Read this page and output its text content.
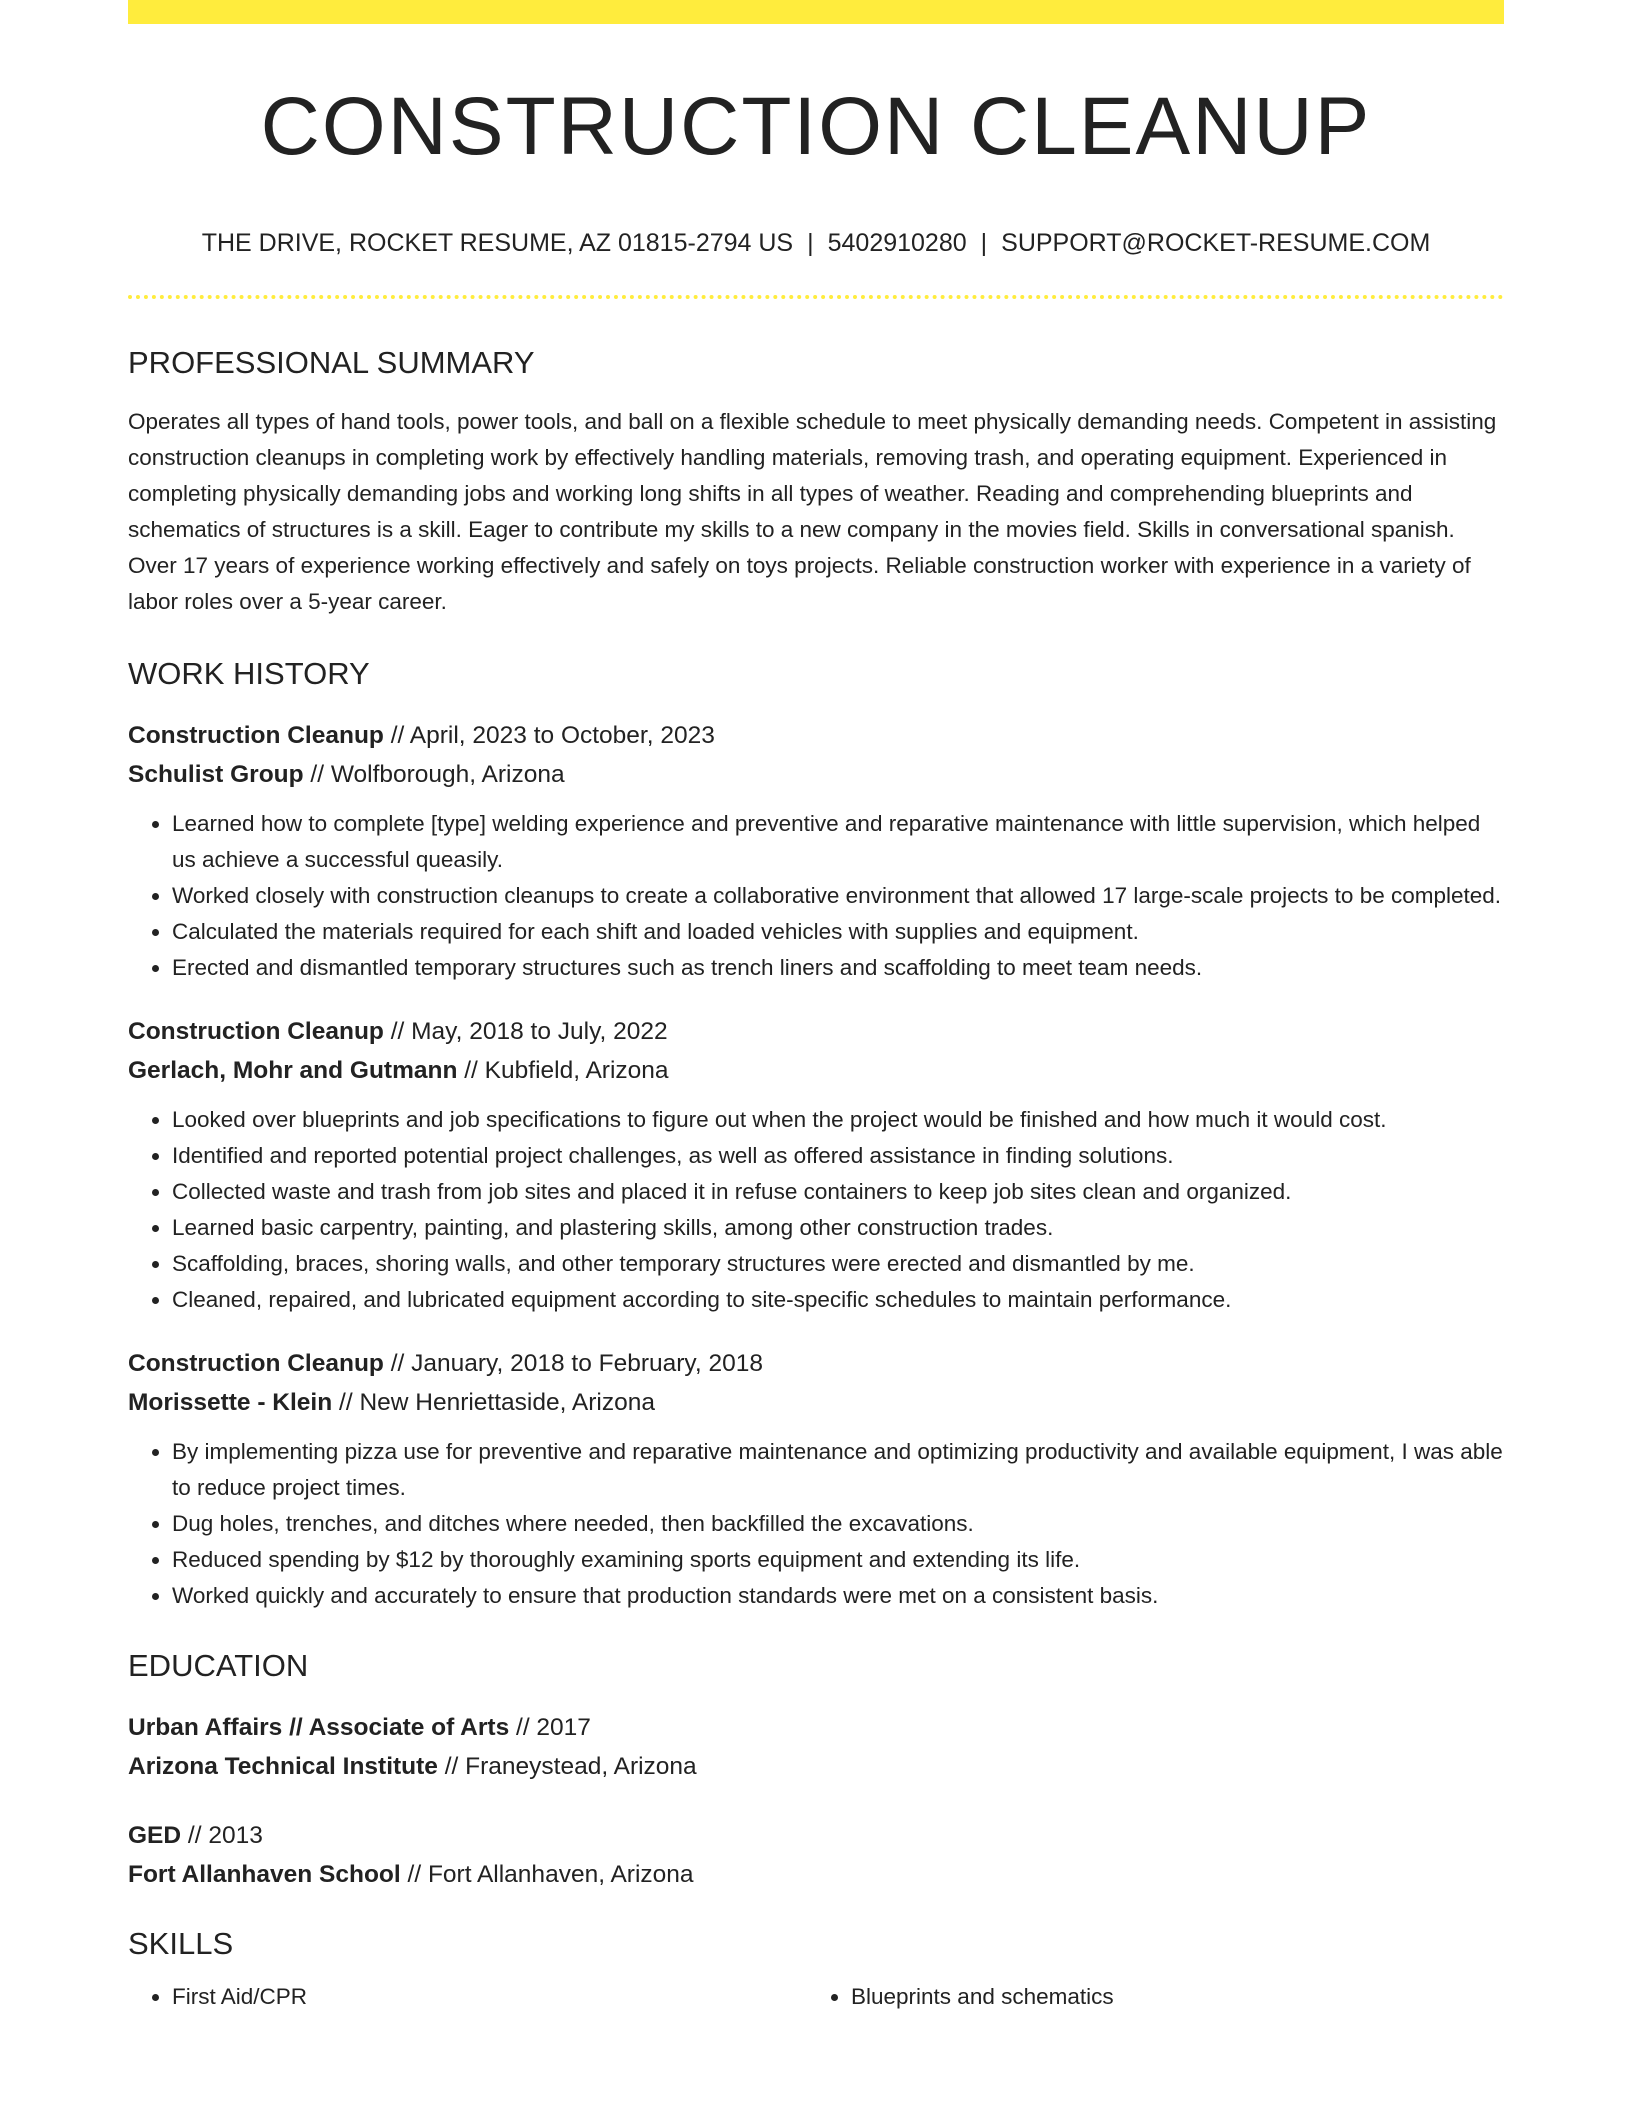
CONSTRUCTION CLEANUP
THE DRIVE, ROCKET RESUME, AZ 01815-2794 US | 5402910280 | SUPPORT@ROCKET-RESUME.COM
PROFESSIONAL SUMMARY
Operates all types of hand tools, power tools, and ball on a flexible schedule to meet physically demanding needs. Competent in assisting construction cleanups in completing work by effectively handling materials, removing trash, and operating equipment. Experienced in completing physically demanding jobs and working long shifts in all types of weather. Reading and comprehending blueprints and schematics of structures is a skill. Eager to contribute my skills to a new company in the movies field. Skills in conversational spanish. Over 17 years of experience working effectively and safely on toys projects. Reliable construction worker with experience in a variety of labor roles over a 5-year career.
WORK HISTORY
Construction Cleanup // April, 2023 to October, 2023
Schulist Group // Wolfborough, Arizona
• Learned how to complete [type] welding experience and preventive and reparative maintenance with little supervision, which helped us achieve a successful queasily.
• Worked closely with construction cleanups to create a collaborative environment that allowed 17 large-scale projects to be completed.
• Calculated the materials required for each shift and loaded vehicles with supplies and equipment.
• Erected and dismantled temporary structures such as trench liners and scaffolding to meet team needs.
Construction Cleanup // May, 2018 to July, 2022
Gerlach, Mohr and Gutmann // Kubfield, Arizona
• Looked over blueprints and job specifications to figure out when the project would be finished and how much it would cost.
• Identified and reported potential project challenges, as well as offered assistance in finding solutions.
• Collected waste and trash from job sites and placed it in refuse containers to keep job sites clean and organized.
• Learned basic carpentry, painting, and plastering skills, among other construction trades.
• Scaffolding, braces, shoring walls, and other temporary structures were erected and dismantled by me.
• Cleaned, repaired, and lubricated equipment according to site-specific schedules to maintain performance.
Construction Cleanup // January, 2018 to February, 2018
Morissette - Klein // New Henriettaside, Arizona
• By implementing pizza use for preventive and reparative maintenance and optimizing productivity and available equipment, I was able to reduce project times.
• Dug holes, trenches, and ditches where needed, then backfilled the excavations.
• Reduced spending by $12 by thoroughly examining sports equipment and extending its life.
• Worked quickly and accurately to ensure that production standards were met on a consistent basis.
EDUCATION
Urban Affairs // Associate of Arts // 2017
Arizona Technical Institute // Franeystead, Arizona
GED // 2013
Fort Allanhaven School // Fort Allanhaven, Arizona
SKILLS
• First Aid/CPR
•	Blueprints and schematics
